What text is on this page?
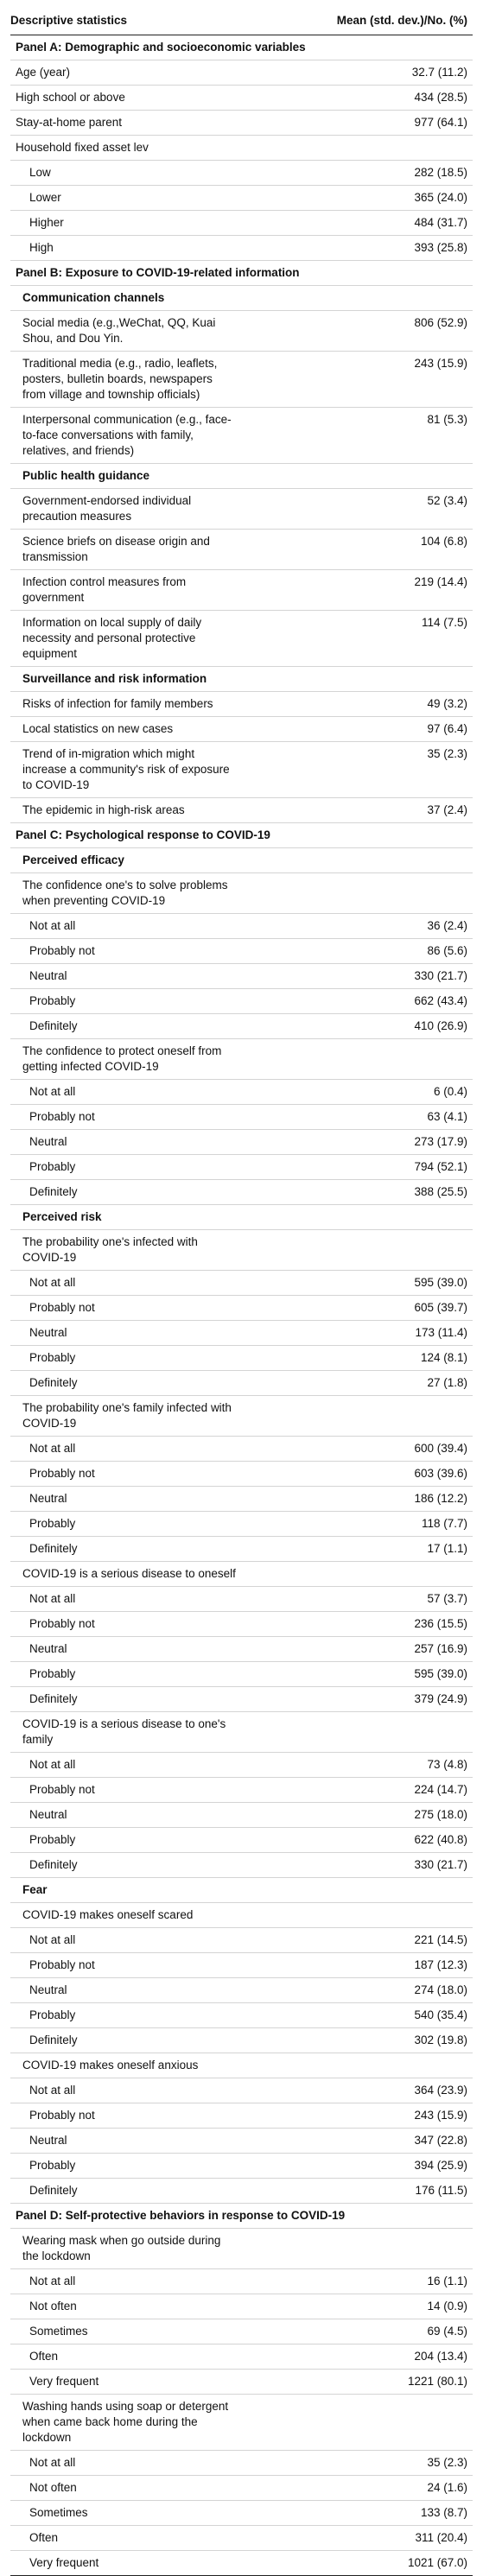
Descriptive statistics	Mean (std. dev.)/No. (%)
Panel A: Demographic and socioeconomic variables
Age (year)	32.7 (11.2)
High school or above	434 (28.5)
Stay-at-home parent	977 (64.1)
Household fixed asset lev
Low	282 (18.5)
Lower	365 (24.0)
Higher	484 (31.7)
High	393 (25.8)
Panel B: Exposure to COVID-19-related information
Communication channels
Social media (e.g.,WeChat, QQ, Kuai Shou, and Dou Yin.
806 (52.9)
Traditional media (e.g., radio, leaflets, posters, bulletin boards, newspapers from village and township officials)
243 (15.9)
Interpersonal communication (e.g., face-to-face conversations with family, relatives, and friends)
81 (5.3)
Public health guidance
Government-endorsed individual precaution measures
52 (3.4)
Science briefs on disease origin and transmission
104 (6.8)
Infection control measures from government
219 (14.4)
Information on local supply of daily necessity and personal protective equipment
114 (7.5)
Surveillance and risk information
Risks of infection for family members	49 (3.2)
Local statistics on new cases	97 (6.4)
Trend of in-migration which might increase a community's risk of exposure to COVID-19
35 (2.3)
The epidemic in high-risk areas	37 (2.4)
Panel C: Psychological response to COVID-19
Perceived efficacy
The confidence one's to solve problems when preventing COVID-19
Not at all	36 (2.4)
Probably not	86 (5.6)
Neutral	330 (21.7)
Probably	662 (43.4)
Definitely	410 (26.9)
The confidence to protect oneself from getting infected COVID-19
Not at all	6 (0.4)
Probably not	63 (4.1)
Neutral	273 (17.9)
Probably	794 (52.1)
Definitely	388 (25.5)
Perceived risk
The probability one's infected with COVID-19
Not at all	595 (39.0)
Probably not	605 (39.7)
Neutral	173 (11.4)
Probably	124 (8.1)
Definitely	27 (1.8)
The probability one's family infected with COVID-19
Not at all	600 (39.4)
Probably not	603 (39.6)
Neutral	186 (12.2)
Probably	118 (7.7)
Definitely	17 (1.1)
COVID-19 is a serious disease to oneself
Not at all	57 (3.7)
Probably not	236 (15.5)
Neutral	257 (16.9)
Probably	595 (39.0)
Definitely	379 (24.9)
COVID-19 is a serious disease to one's family
Not at all	73 (4.8)
Probably not	224 (14.7)
Neutral	275 (18.0)
Probably	622 (40.8)
Definitely	330 (21.7)
Fear
COVID-19 makes oneself scared
Not at all	221 (14.5)
Probably not	187 (12.3)
Neutral	274 (18.0)
Probably	540 (35.4)
Definitely	302 (19.8)
COVID-19 makes oneself anxious
Not at all	364 (23.9)
Probably not	243 (15.9)
Neutral	347 (22.8)
Probably	394 (25.9)
Definitely	176 (11.5)
Panel D: Self-protective behaviors in response to COVID-19
Wearing mask when go outside during the lockdown
Not at all	16 (1.1)
Not often	14 (0.9)
Sometimes	69 (4.5)
Often	204 (13.4)
Very frequent	1221 (80.1)
Washing hands using soap or detergent when came back home during the lockdown
Not at all	35 (2.3)
Not often	24 (1.6)
Sometimes	133 (8.7)
Often	311 (20.4)
Very frequent	1021 (67.0)
